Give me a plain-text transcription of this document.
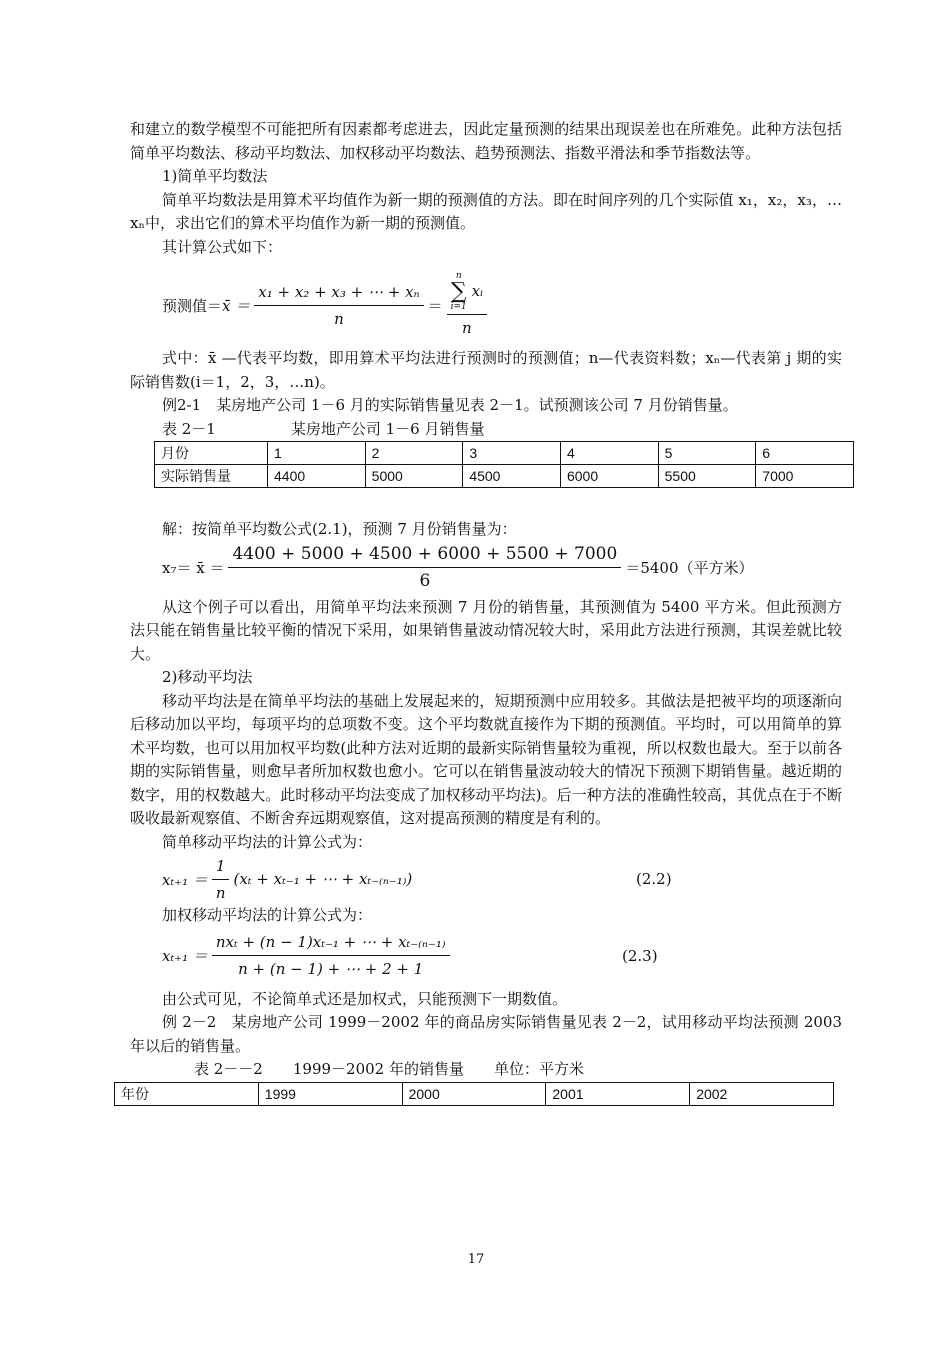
和建立的数学模型不可能把所有因素都考虑进去，因此定量预测的结果出现误差也在所难免。此种方法包括简单平均数法、移动平均数法、加权移动平均数法、趋势预测法、指数平滑法和季节指数法等。

1)简单平均数法

简单平均数法是用算术平均值作为新一期的预测值的方法。即在时间序列的几个实际值 x₁，x₂，x₃，…xₙ中，求出它们的算术平均值作为新一期的预测值。

其计算公式如下：

预测值＝ x̄ ＝ $\frac{\text{x₁ + x₂ + x₃ + ⋯ + xₙ}}{n} = n$
∑
i=1
xᵢ
n

式中：x̄ —代表平均数，即用算术平均法进行预测时的预测值；n—代表资料数；xₙ—代表第 j 期的实际销售数(i＝1，2，3，…n)。

例2-1　某房地产公司 1－6 月的实际销售量见表 2－1。试预测该公司 7 月份销售量。

表 2－1　　　　　某房地产公司 1－6 月销售量

月份	1	2	3	4	5	6
实际销售量	4400	5000	4500	6000	5500	7000

解：按简单平均数公式(2.1)，预测 7 月份销售量为：

x₇＝ x̄ ＝ $\frac{4400 + 5000 + 4500 + 6000 + 5500 + 7000}{6} =5400$（平方米）

从这个例子可以看出，用简单平均法来预测 7 月份的销售量，其预测值为 5400 平方米。但此预测方法只能在销售量比较平衡的情况下采用，如果销售量波动情况较大时，采用此方法进行预测，其误差就比较大。

2)移动平均法

移动平均法是在简单平均法的基础上发展起来的，短期预测中应用较多。其做法是把被平均的项逐渐向后移动加以平均，每项平均的总项数不变。这个平均数就直接作为下期的预测值。平均时，可以用简单的算术平均数，也可以用加权平均数(此种方法对近期的最新实际销售量较为重视，所以权数也最大。至于以前各期的实际销售量，则愈早者所加权数也愈小。它可以在销售量波动较大的情况下预测下期销售量。越近期的数字，用的权数越大。此时移动平均法变成了加权移动平均法)。后一种方法的准确性较高，其优点在于不断吸收最新观察值、不断舍弃远期观察值，这对提高预测的精度是有利的。

简单移动平均法的计算公式为：

$x_{t+1} = \frac{1}{n} (x_t + x_{t-1}$ + ⋯ + xₜ₋₍ₙ₋₁₎)	(2.2)

加权移动平均法的计算公式为：

$x_{t+1} = \frac{\text{nxₜ + (n − 1)xₜ₋₁ + ⋯ + xₜ₋₍ₙ₋₁₎}}{n + (n - 1) + \cdots + 2 + 1}$	(2.3)

由公式可见，不论简单式还是加权式，只能预测下一期数值。

例 2－2　某房地产公司 1999－2002 年的商品房实际销售量见表 2－2，试用移动平均法预测 2003 年以后的销售量。

表 2－－2　　1999－2002 年的销售量　　单位：平方米

年份	1999	2000	2001	2002
17
